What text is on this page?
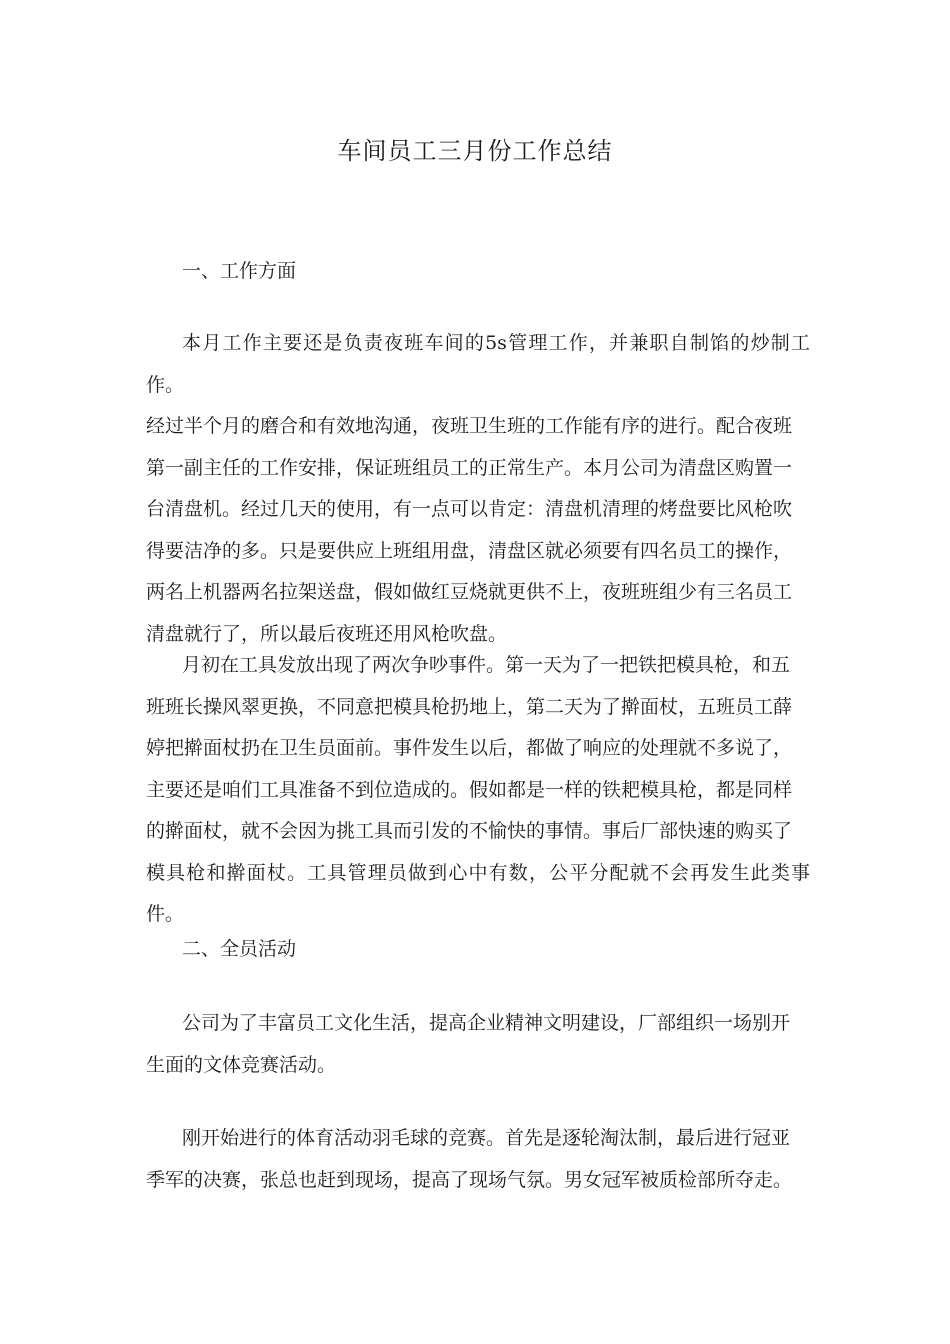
车间员工三月份工作总结
一、工作方面

本月工作主要还是负责夜班车间的5s管理工作，并兼职自制馅的炒制工作。
经过半个月的磨合和有效地沟通，夜班卫生班的工作能有序的进行。配合夜班
第一副主任的工作安排，保证班组员工的正常生产。本月公司为清盘区购置一
台清盘机。经过几天的使用，有一点可以肯定：清盘机清理的烤盘要比风枪吹
得要洁净的多。只是要供应上班组用盘，清盘区就必须要有四名员工的操作，
两名上机器两名拉架送盘，假如做红豆烧就更供不上，夜班班组少有三名员工
清盘就行了，所以最后夜班还用风枪吹盘。

月初在工具发放出现了两次争吵事件。第一天为了一把铁把模具枪，和五
班班长操风翠更换，不同意把模具枪扔地上，第二天为了擀面杖，五班员工薛
婷把擀面杖扔在卫生员面前。事件发生以后，都做了响应的处理就不多说了，
主要还是咱们工具准备不到位造成的。假如都是一样的铁耙模具枪，都是同样
的擀面杖，就不会因为挑工具而引发的不愉快的事情。事后厂部快速的购买了
模具枪和擀面杖。工具管理员做到心中有数，公平分配就不会再发生此类事件。

二、全员活动

公司为了丰富员工文化生活，提高企业精神文明建设，厂部组织一场别开
生面的文体竞赛活动。

刚开始进行的体育活动羽毛球的竞赛。首先是逐轮淘汰制，最后进行冠亚
季军的决赛，张总也赶到现场，提高了现场气氛。男女冠军被质检部所夺走。
